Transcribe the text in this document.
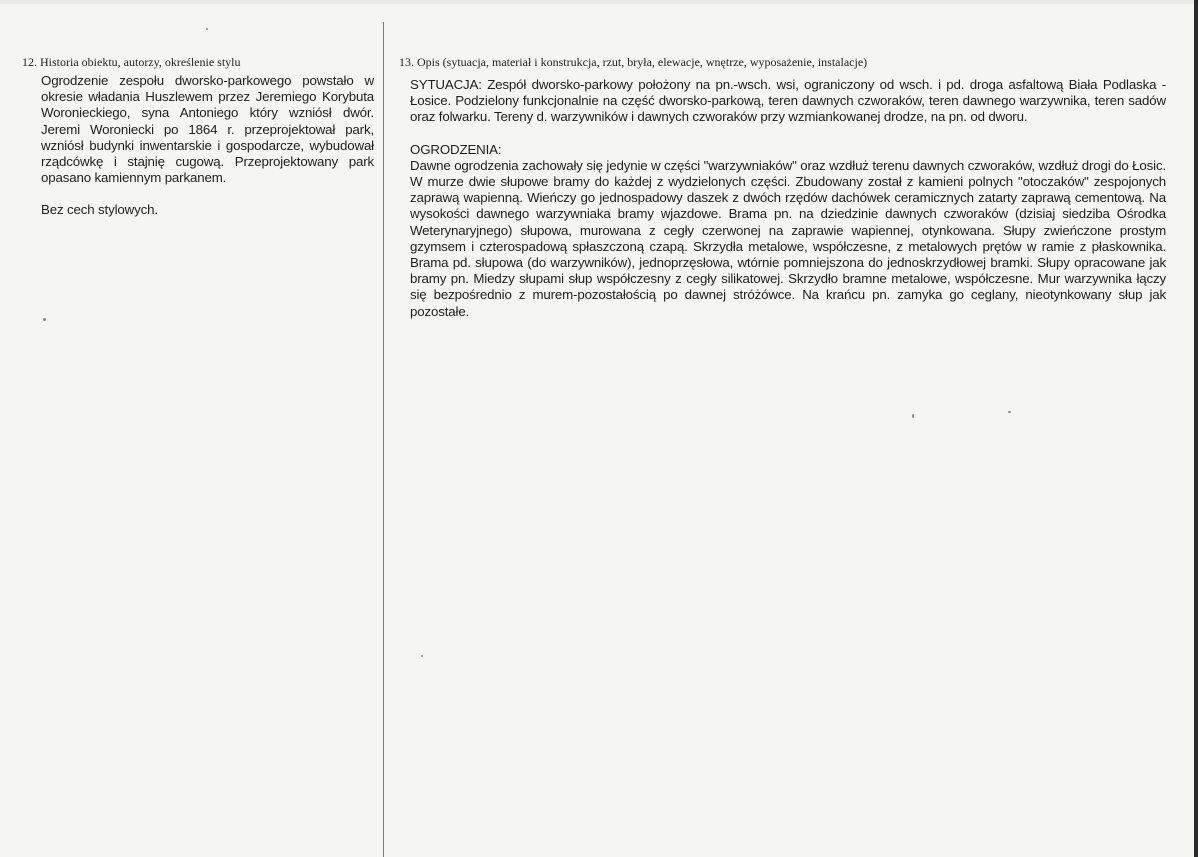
12. Historia obiektu, autorzy, określenie stylu

Ogrodzenie zespołu dworsko-parkowego powstało w okresie władania Huszlewem przez Jeremiego Korybuta Woronieckiego, syna Antoniego który wzniósł dwór. Jeremi Woroniecki po 1864 r. przeprojektował park, wzniósł budynki inwentarskie i gospodarcze, wybudował rządcówkę i stajnię cugową. Przeprojektowany park opasano kamiennym parkanem.

Bez cech stylowych.

13. Opis (sytuacja, materiał i konstrukcja, rzut, bryła, elewacje, wnętrze, wyposażenie, instalacje)

SYTUACJA: Zespół dworsko-parkowy położony na pn.-wsch. wsi, ograniczony od wsch. i pd. droga asfaltową Biała Podlaska - Łosice. Podzielony funkcjonalnie na część dworsko-parkową, teren dawnych czworaków, teren dawnego warzywnika, teren sadów oraz folwarku. Tereny d. warzywników i dawnych czworaków przy wzmiankowanej drodze, na pn. od dworu.

OGRODZENIA:

Dawne ogrodzenia zachowały się jedynie w części "warzywniaków" oraz wzdłuż terenu dawnych czworaków, wzdłuż drogi do Łosic. W murze dwie słupowe bramy do każdej z wydzielonych części. Zbudowany został z kamieni polnych "otoczaków" zespojonych zaprawą wapienną. Wieńczy go jednospadowy daszek z dwóch rzędów dachówek ceramicznych zatarty zaprawą cementową. Na wysokości dawnego warzywniaka bramy wjazdowe. Brama pn. na dziedzinie dawnych czworaków (dzisiaj siedziba Ośrodka Weterynaryjnego) słupowa, murowana z cegły czerwonej na zaprawie wapiennej, otynkowana. Słupy zwieńczone prostym gzymsem i czterospadową spłaszczoną czapą. Skrzydła metalowe, współczesne, z metalowych prętów w ramie z płaskownika. Brama pd. słupowa (do warzywników), jednoprzęsłowa, wtórnie pomniejszona do jednoskrzydłowej bramki. Słupy opracowane jak bramy pn. Miedzy słupami słup współczesny z cegły silikatowej. Skrzydło bramne metalowe, współczesne. Mur warzywnika łączy się bezpośrednio z murem-pozostałością po dawnej stróżówce. Na krańcu pn. zamyka go ceglany, nieotynkowany słup jak pozostałe.
